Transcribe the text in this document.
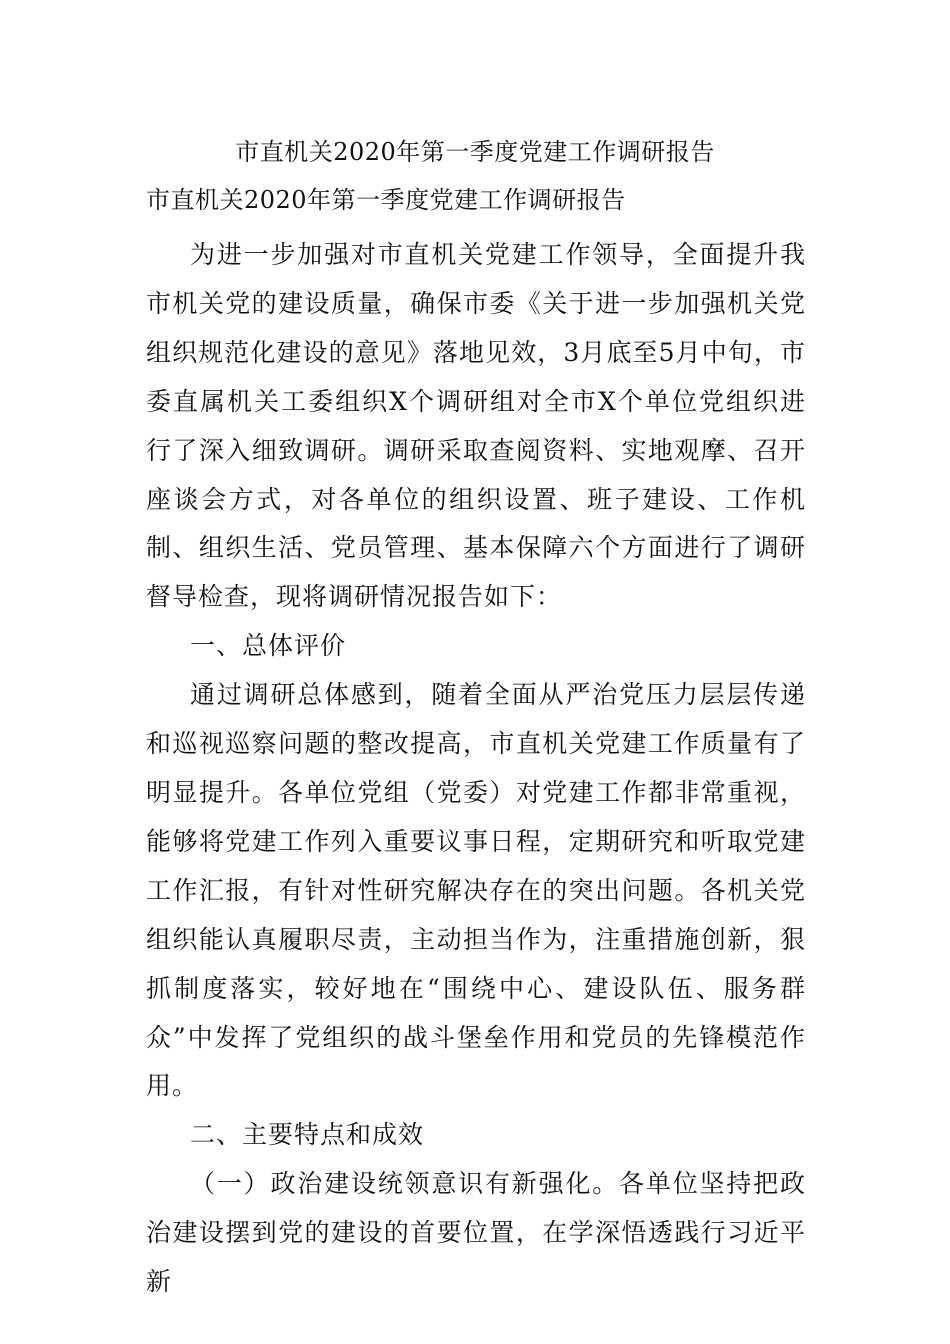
市直机关2020年第一季度党建工作调研报告
市直机关2020年第一季度党建工作调研报告

为进一步加强对市直机关党建工作领导，全面提升我市机关党的建设质量，确保市委《关于进一步加强机关党组织规范化建设的意见》落地见效，3月底至5月中旬，市委直属机关工委组织X个调研组对全市X个单位党组织进行了深入细致调研。调研采取查阅资料、实地观摩、召开座谈会方式，对各单位的组织设置、班子建设、工作机制、组织生活、党员管理、基本保障六个方面进行了调研督导检查，现将调研情况报告如下：

一、总体评价

通过调研总体感到，随着全面从严治党压力层层传递和巡视巡察问题的整改提高，市直机关党建工作质量有了明显提升。各单位党组（党委）对党建工作都非常重视，能够将党建工作列入重要议事日程，定期研究和听取党建工作汇报，有针对性研究解决存在的突出问题。各机关党组织能认真履职尽责，主动担当作为，注重措施创新，狠抓制度落实，较好地在“围绕中心、建设队伍、服务群众”中发挥了党组织的战斗堡垒作用和党员的先锋模范作用。

二、主要特点和成效

（一）政治建设统领意识有新强化。各单位坚持把政治建设摆到党的建设的首要位置，在学深悟透践行习近平新
